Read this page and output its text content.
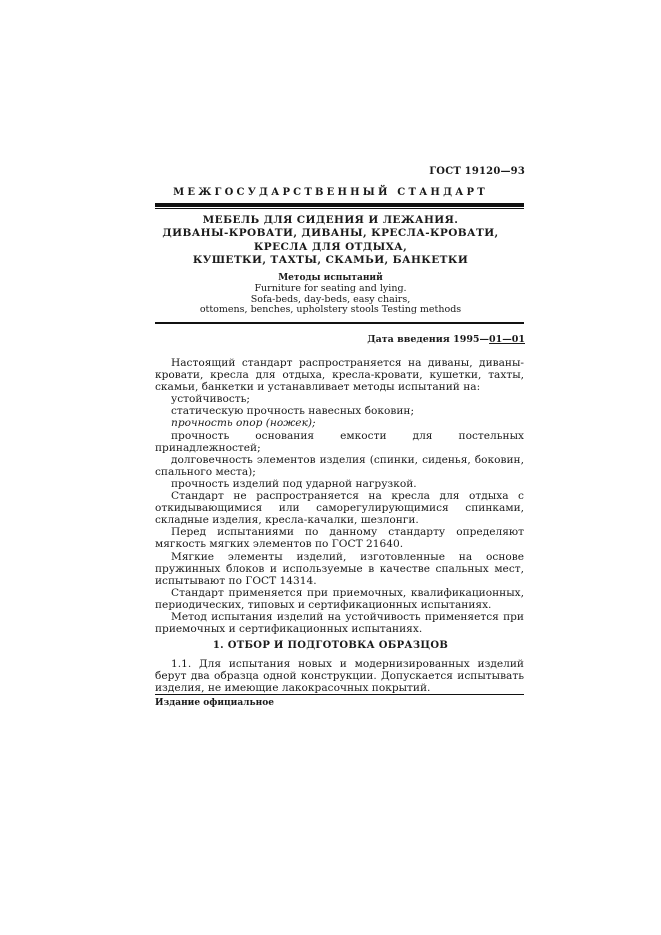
ГОСТ 19120—93
МЕЖГОСУДАРСТВЕННЫЙ СТАНДАРТ
МЕБЕЛЬ ДЛЯ СИДЕНИЯ И ЛЕЖАНИЯ.
ДИВАНЫ-КРОВАТИ, ДИВАНЫ, КРЕСЛА-КРОВАТИ,
КРЕСЛА ДЛЯ ОТДЫХА,
КУШЕТКИ, ТАХТЫ, СКАМЬИ, БАНКЕТКИ
Методы испытаний
Furniture for seating and lying.
Sofa-beds, day-beds, easy chairs,
ottomens, benches, upholstery stools Testing methods
Дата введения 1995—01—01

Настоящий стандарт распространяется на диваны, диваны-кровати, кресла для отдыха, кресла-кровати, кушетки, тахты, скамьи, банкетки и устанавливает методы испытаний на:

устойчивость;

статическую прочность навесных боковин;

прочность опор (ножек);

прочность основания емкости для постельных принадлежностей;

долговечность элементов изделия (спинки, сиденья, боковин, спального места);

прочность изделий под ударной нагрузкой.

Стандарт не распространяется на кресла для отдыха с откидывающимися или саморегулирующимися спинками, складные изделия, кресла-качалки, шезлонги.

Перед испытаниями по данному стандарту определяют мягкость мягких элементов по ГОСТ 21640.

Мягкие элементы изделий, изготовленные на основе пружинных блоков и используемые в качестве спальных мест, испытывают по ГОСТ 14314.

Стандарт применяется при приемочных, квалификационных, периодических, типовых и сертификационных испытаниях.

Метод испытания изделий на устойчивость применяется при приемочных и сертификационных испытаниях.

1. ОТБОР И ПОДГОТОВКА ОБРАЗЦОВ

1.1. Для испытания новых и модернизированных изделий берут два образца одной конструкции. Допускается испытывать изделия, не имеющие лакокрасочных покрытий.

Издание официальное
